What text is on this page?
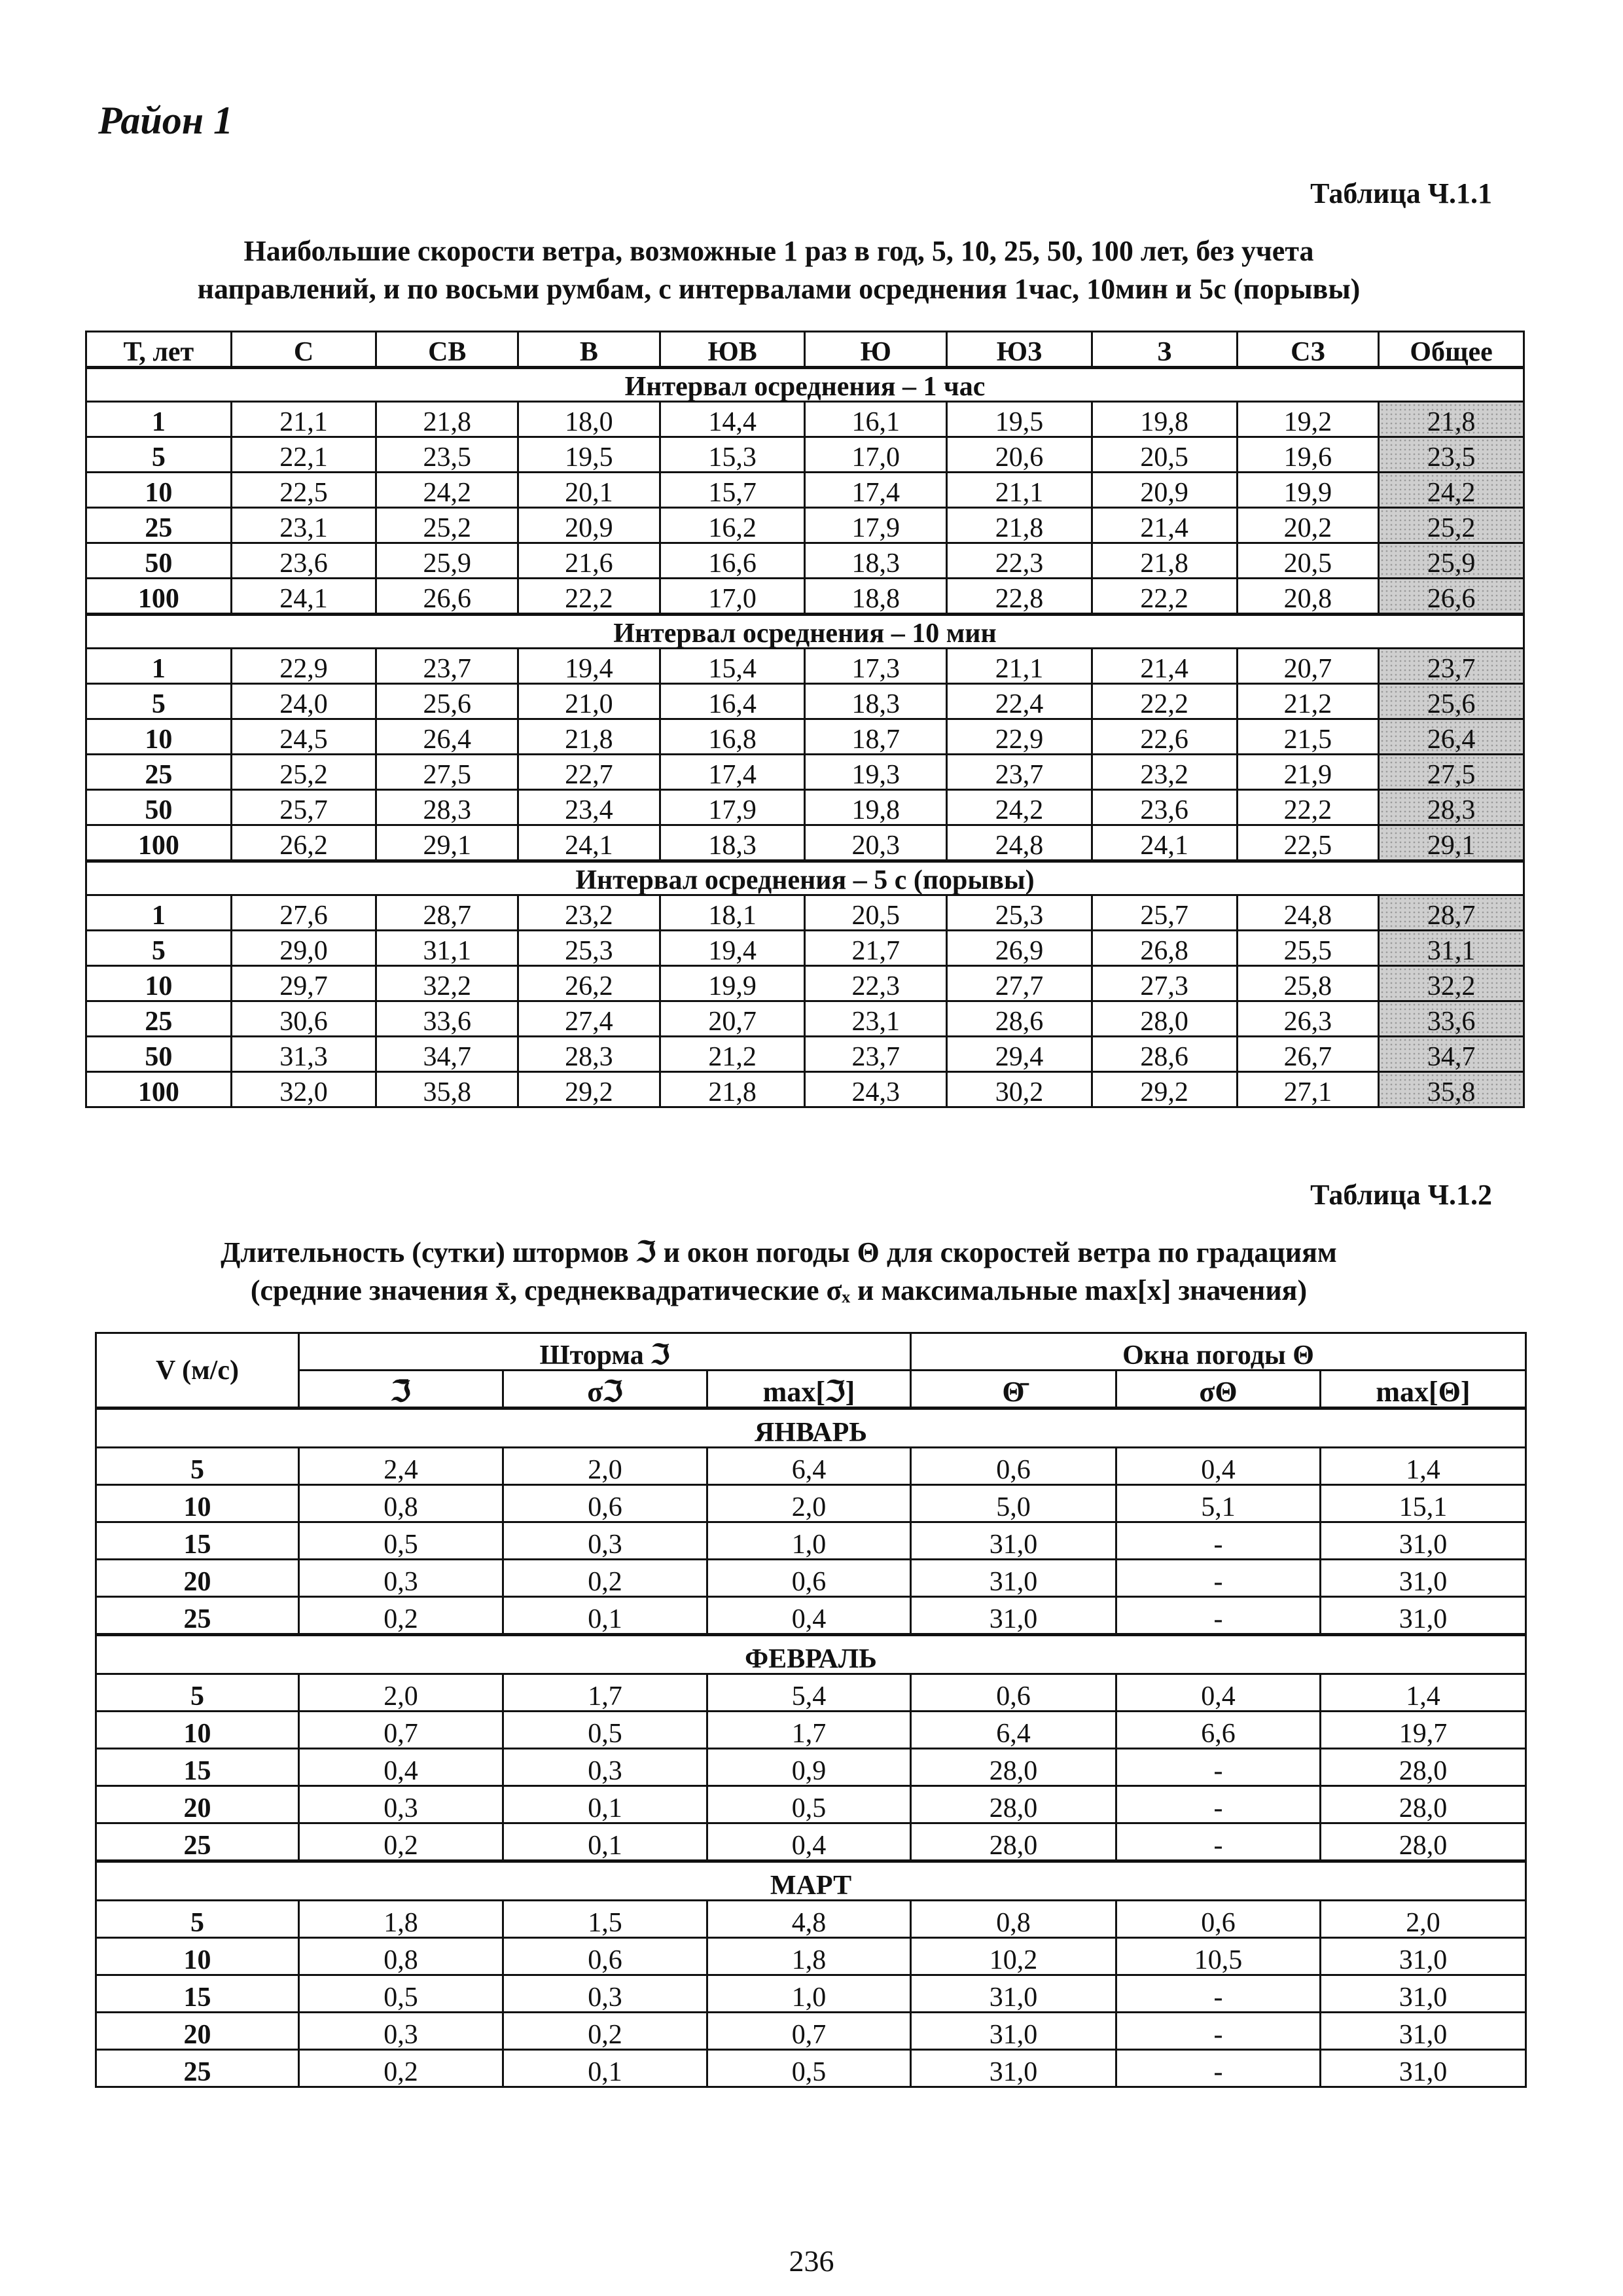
Район 1
Таблица Ч.1.1
Наибольшие скорости ветра, возможные 1 раз в год, 5, 10, 25, 50, 100 лет, без учета
направлений, и по восьми румбам, с интервалами осреднения 1час, 10мин и 5с (порывы)
Т, лет	С	СВ	В	ЮВ	Ю	ЮЗ	З	СЗ	Общее
Интервал осреднения – 1 час									
1	21,1	21,8	18,0	14,4	16,1	19,5	19,8	19,2	21,8
5	22,1	23,5	19,5	15,3	17,0	20,6	20,5	19,6	23,5
10	22,5	24,2	20,1	15,7	17,4	21,1	20,9	19,9	24,2
25	23,1	25,2	20,9	16,2	17,9	21,8	21,4	20,2	25,2
50	23,6	25,9	21,6	16,6	18,3	22,3	21,8	20,5	25,9
100	24,1	26,6	22,2	17,0	18,8	22,8	22,2	20,8	26,6
Интервал осреднения – 10 мин									
1	22,9	23,7	19,4	15,4	17,3	21,1	21,4	20,7	23,7
5	24,0	25,6	21,0	16,4	18,3	22,4	22,2	21,2	25,6
10	24,5	26,4	21,8	16,8	18,7	22,9	22,6	21,5	26,4
25	25,2	27,5	22,7	17,4	19,3	23,7	23,2	21,9	27,5
50	25,7	28,3	23,4	17,9	19,8	24,2	23,6	22,2	28,3
100	26,2	29,1	24,1	18,3	20,3	24,8	24,1	22,5	29,1
Интервал осреднения – 5 с (порывы)									
1	27,6	28,7	23,2	18,1	20,5	25,3	25,7	24,8	28,7
5	29,0	31,1	25,3	19,4	21,7	26,9	26,8	25,5	31,1
10	29,7	32,2	26,2	19,9	22,3	27,7	27,3	25,8	32,2
25	30,6	33,6	27,4	20,7	23,1	28,6	28,0	26,3	33,6
50	31,3	34,7	28,3	21,2	23,7	29,4	28,6	26,7	34,7
100	32,0	35,8	29,2	21,8	24,3	30,2	29,2	27,1	35,8
Таблица Ч.1.2
Длительность (сутки) штормов ℑ и окон погоды Θ для скоростей ветра по градациям
(средние значения x̄, среднеквадратические σₓ и максимальные max[x] значения)
V (м/с)	Шторма ℑ			Окна погоды Θ		
	ℑ̄	σℑ	max[ℑ]	Θ̄	σΘ	max[Θ]
ЯНВАРЬ						
5	2,4	2,0	6,4	0,6	0,4	1,4
10	0,8	0,6	2,0	5,0	5,1	15,1
15	0,5	0,3	1,0	31,0	-	31,0
20	0,3	0,2	0,6	31,0	-	31,0
25	0,2	0,1	0,4	31,0	-	31,0
ФЕВРАЛЬ						
5	2,0	1,7	5,4	0,6	0,4	1,4
10	0,7	0,5	1,7	6,4	6,6	19,7
15	0,4	0,3	0,9	28,0	-	28,0
20	0,3	0,1	0,5	28,0	-	28,0
25	0,2	0,1	0,4	28,0	-	28,0
МАРТ						
5	1,8	1,5	4,8	0,8	0,6	2,0
10	0,8	0,6	1,8	10,2	10,5	31,0
15	0,5	0,3	1,0	31,0	-	31,0
20	0,3	0,2	0,7	31,0	-	31,0
25	0,2	0,1	0,5	31,0	-	31,0
236
